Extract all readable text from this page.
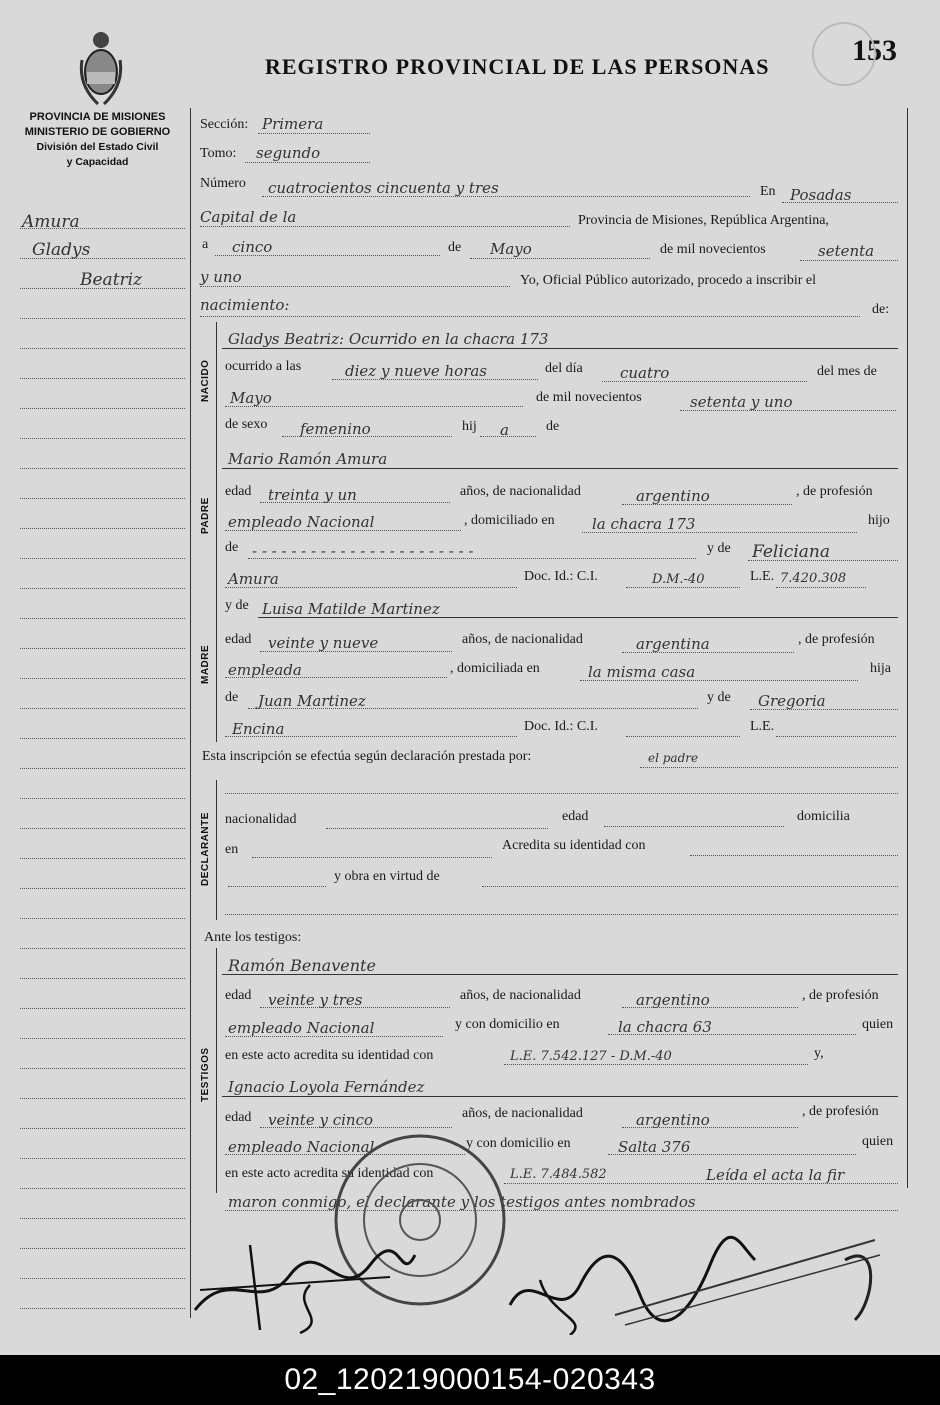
REGISTRO PROVINCIAL DE LAS PERSONAS	153
PROVINCIA DE MISIONES
MINISTERIO DE GOBIERNO
División del Estado Civil
y Capacidad
Amura
Gladys
Beatriz
Sección: Primera
Tomo: segundo
Número cuatrocientos cincuenta y tres	En Posadas
Capital de la	Provincia de Misiones, República Argentina,
a cinco	de Mayo	de mil novecientos	setenta
y uno	Yo, Oficial Público autorizado, procedo a inscribir el
nacimiento:	de:
NACIDO
Gladys Beatriz: Ocurrido en la chacra 173
ocurrido a las	diez y nueve horas	del día cuatro	del mes de
Mayo	de mil novecientos	setenta y uno
de sexo femenino	hij a	de
PADRE
Mario Ramón Amura
edad treinta y un	años, de nacionalidad	argentino	, de profesión
empleado Nacional	, domiciliado en la chacra 173	hijo
de - - - - - - - - - - - - - - - - - - - - - - -	y de Feliciana
Amura	Doc. Id.: C.I.	D.M.-40	L.E. 7.420.308
MADRE
y de Luisa Matilde Martinez
edad veinte y nueve	años, de nacionalidad	argentina	, de profesión
empleada	, domiciliada en	la misma casa	hija
de Juan Martinez	y de Gregoria
Encina	Doc. Id.: C.I.	L.E.
Esta inscripción se efectúa según declaración prestada por:	el padre
DECLARANTE nacionalidad	edad	domicilia
en	Acredita su identidad con
y obra en virtud de
Ante los testigos:
TESTIGOS
Ramón Benavente
edad veinte y tres	años, de nacionalidad	argentino	, de profesión
empleado Nacional	y con domicilio en	la chacra 63	quien
en este acto acredita su identidad con	L.E. 7.542.127 - D.M.-40	y,
Ignacio Loyola Fernández
edad veinte y cinco	años, de nacionalidad	argentino	, de profesión
empleado Nacional	y con domicilio en	Salta 376	quien
en este acto acredita su identidad con	L.E. 7.484.582	Leída el acta la fir
maron conmigo, el declarante y los testigos antes nombrados
02_120219000154-020343
